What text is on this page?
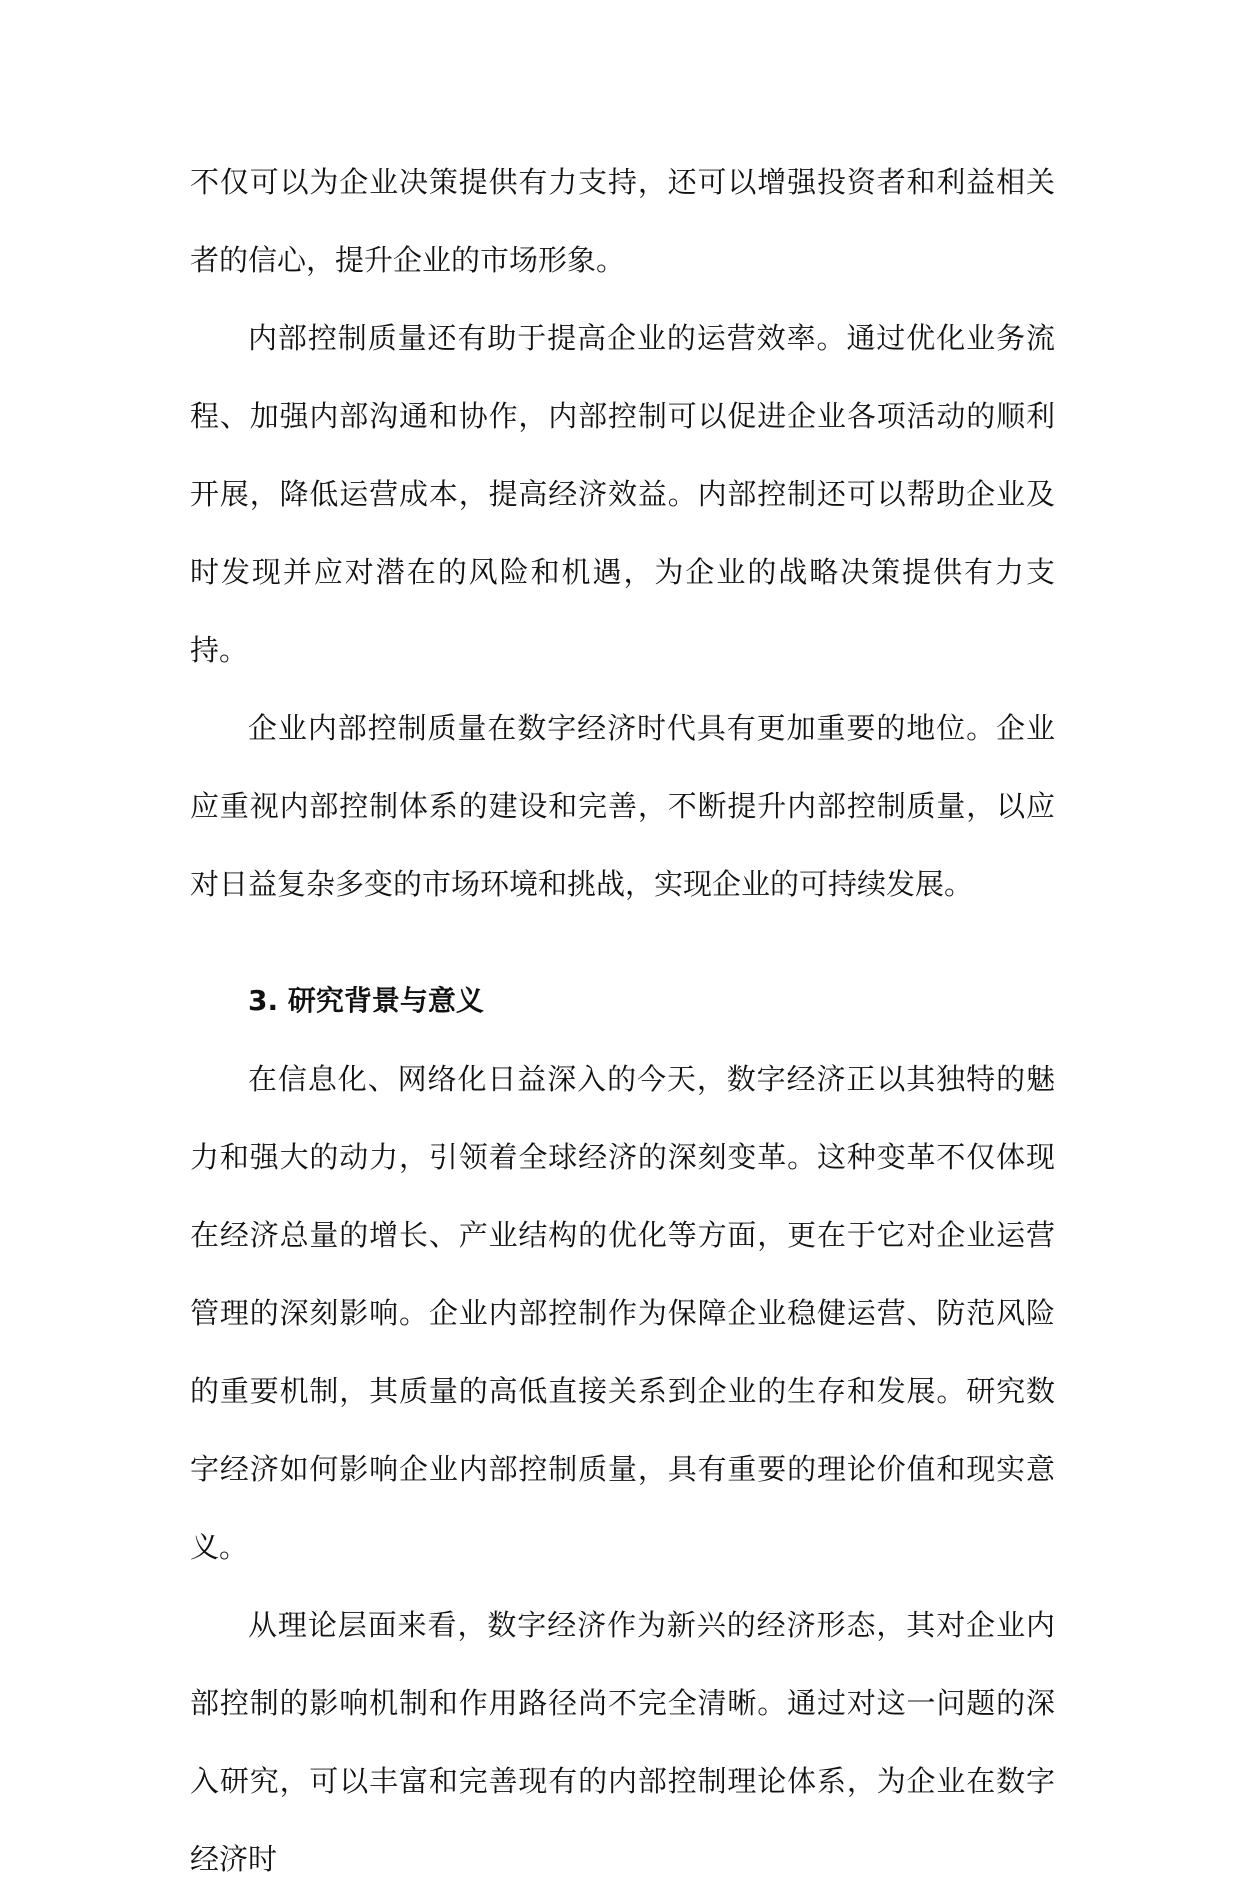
不仅可以为企业决策提供有力支持，还可以增强投资者和利益相关者的信心，提升企业的市场形象。

内部控制质量还有助于提高企业的运营效率。通过优化业务流程、加强内部沟通和协作，内部控制可以促进企业各项活动的顺利开展，降低运营成本，提高经济效益。内部控制还可以帮助企业及时发现并应对潜在的风险和机遇，为企业的战略决策提供有力支持。

企业内部控制质量在数字经济时代具有更加重要的地位。企业应重视内部控制体系的建设和完善，不断提升内部控制质量，以应对日益复杂多变的市场环境和挑战，实现企业的可持续发展。

3. 研究背景与意义

在信息化、网络化日益深入的今天，数字经济正以其独特的魅力和强大的动力，引领着全球经济的深刻变革。这种变革不仅体现在经济总量的增长、产业结构的优化等方面，更在于它对企业运营管理的深刻影响。企业内部控制作为保障企业稳健运营、防范风险的重要机制，其质量的高低直接关系到企业的生存和发展。研究数字经济如何影响企业内部控制质量，具有重要的理论价值和现实意义。

从理论层面来看，数字经济作为新兴的经济形态，其对企业内部控制的影响机制和作用路径尚不完全清晰。通过对这一问题的深入研究，可以丰富和完善现有的内部控制理论体系，为企业在数字经济时
